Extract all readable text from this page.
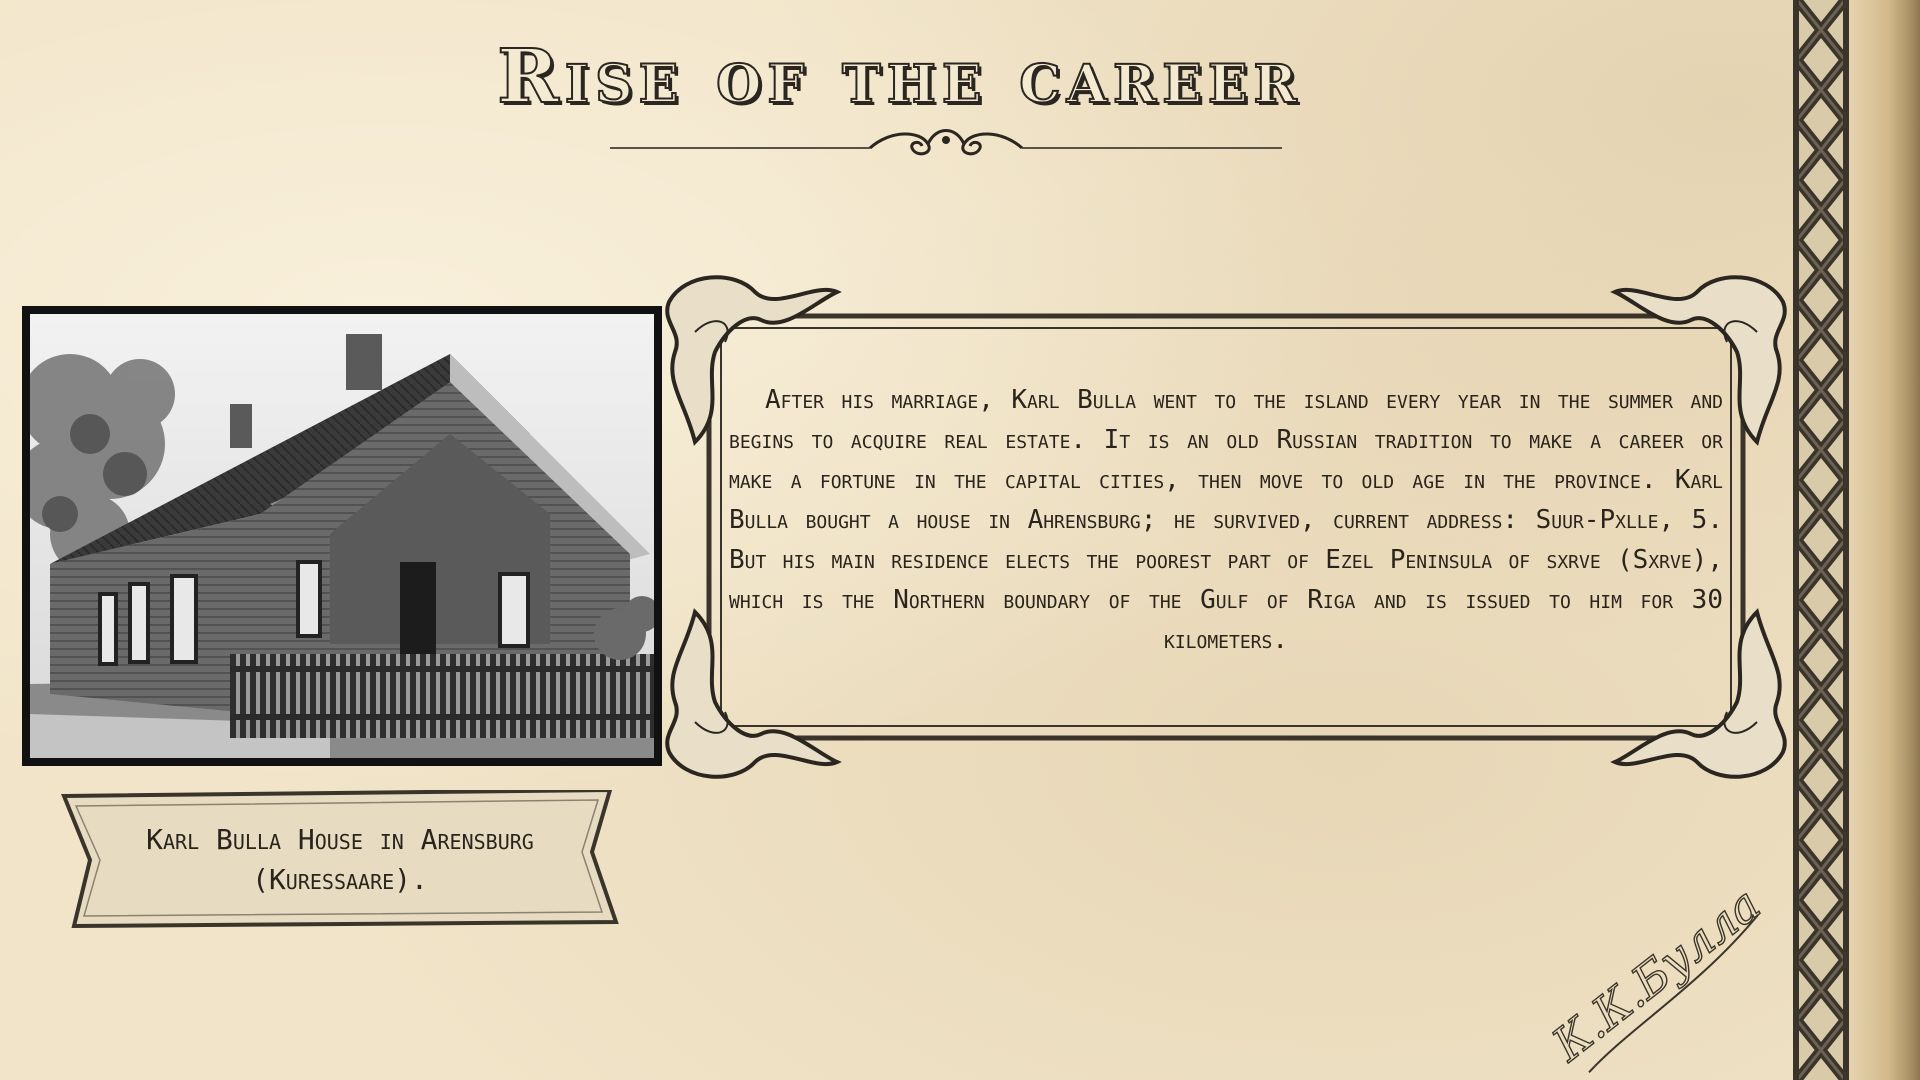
Rise of the career
Karl Bulla House in Arensburg
(Kuressaare).
After his marriage, Karl Bulla went to the island every year in the summer and begins to acquire real estate. It is an old Russian tradition to make a career or make a fortune in the capital cities, then move to old age in the province. Karl Bulla bought a house in Ahrensburg; he survived, current address: Suur-Pxlle, 5. But his main residence elects the poorest part of Ezel Peninsula of sxrve (Sxrve), which is the Northern boundary of the Gulf of Riga and is issued to him for 30 kilometers.
К.К.Булла
